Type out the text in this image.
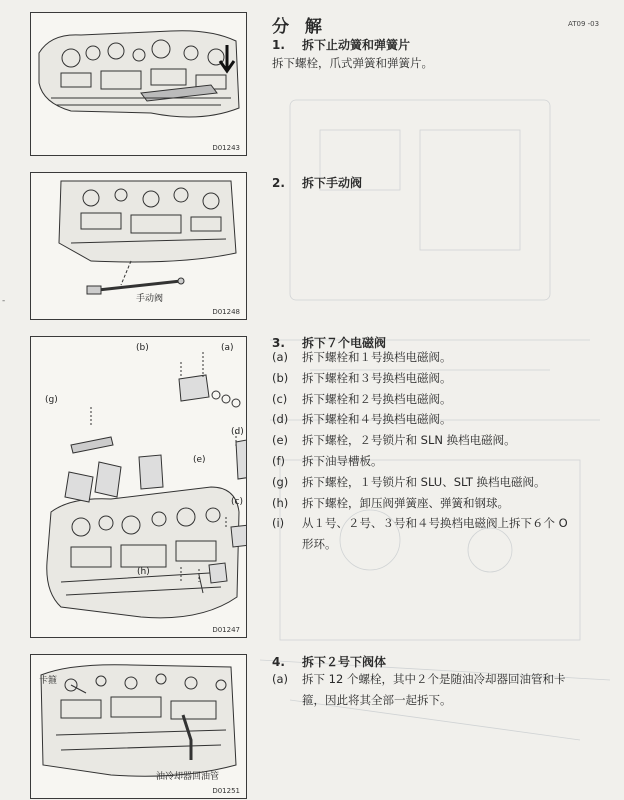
-
分 解	AT09 -03
D01243
手动阀
D01248
(a)
(b)
(c)
(d)
(e)
(g)
(h)
D01247
卡箍
油冷却器回油管
D01251
1. 拆下止动簧和弹簧片
拆下螺栓，爪式弹簧和弹簧片。
2. 拆下手动阀
3. 拆下７个电磁阀
(a) 拆下螺栓和１号换档电磁阀。
(b) 拆下螺栓和３号换档电磁阀。
(c) 拆下螺栓和２号换档电磁阀。
(d) 拆下螺栓和４号换档电磁阀。
(e) 拆下螺栓，２号锁片和 SLN 换档电磁阀。
(f) 拆下油导槽板。
(g) 拆下螺栓，１号锁片和 SLU、SLT 换档电磁阀。
(h) 拆下螺栓，卸压阀弹簧座、弹簧和钢球。
(i) 从１号、２号、３号和４号换档电磁阀上拆下６个 O
形环。
4. 拆下２号下阀体
(a) 拆下 12 个螺栓，其中２个是随油冷却器回油管和卡
箍，因此将其全部一起拆下。
